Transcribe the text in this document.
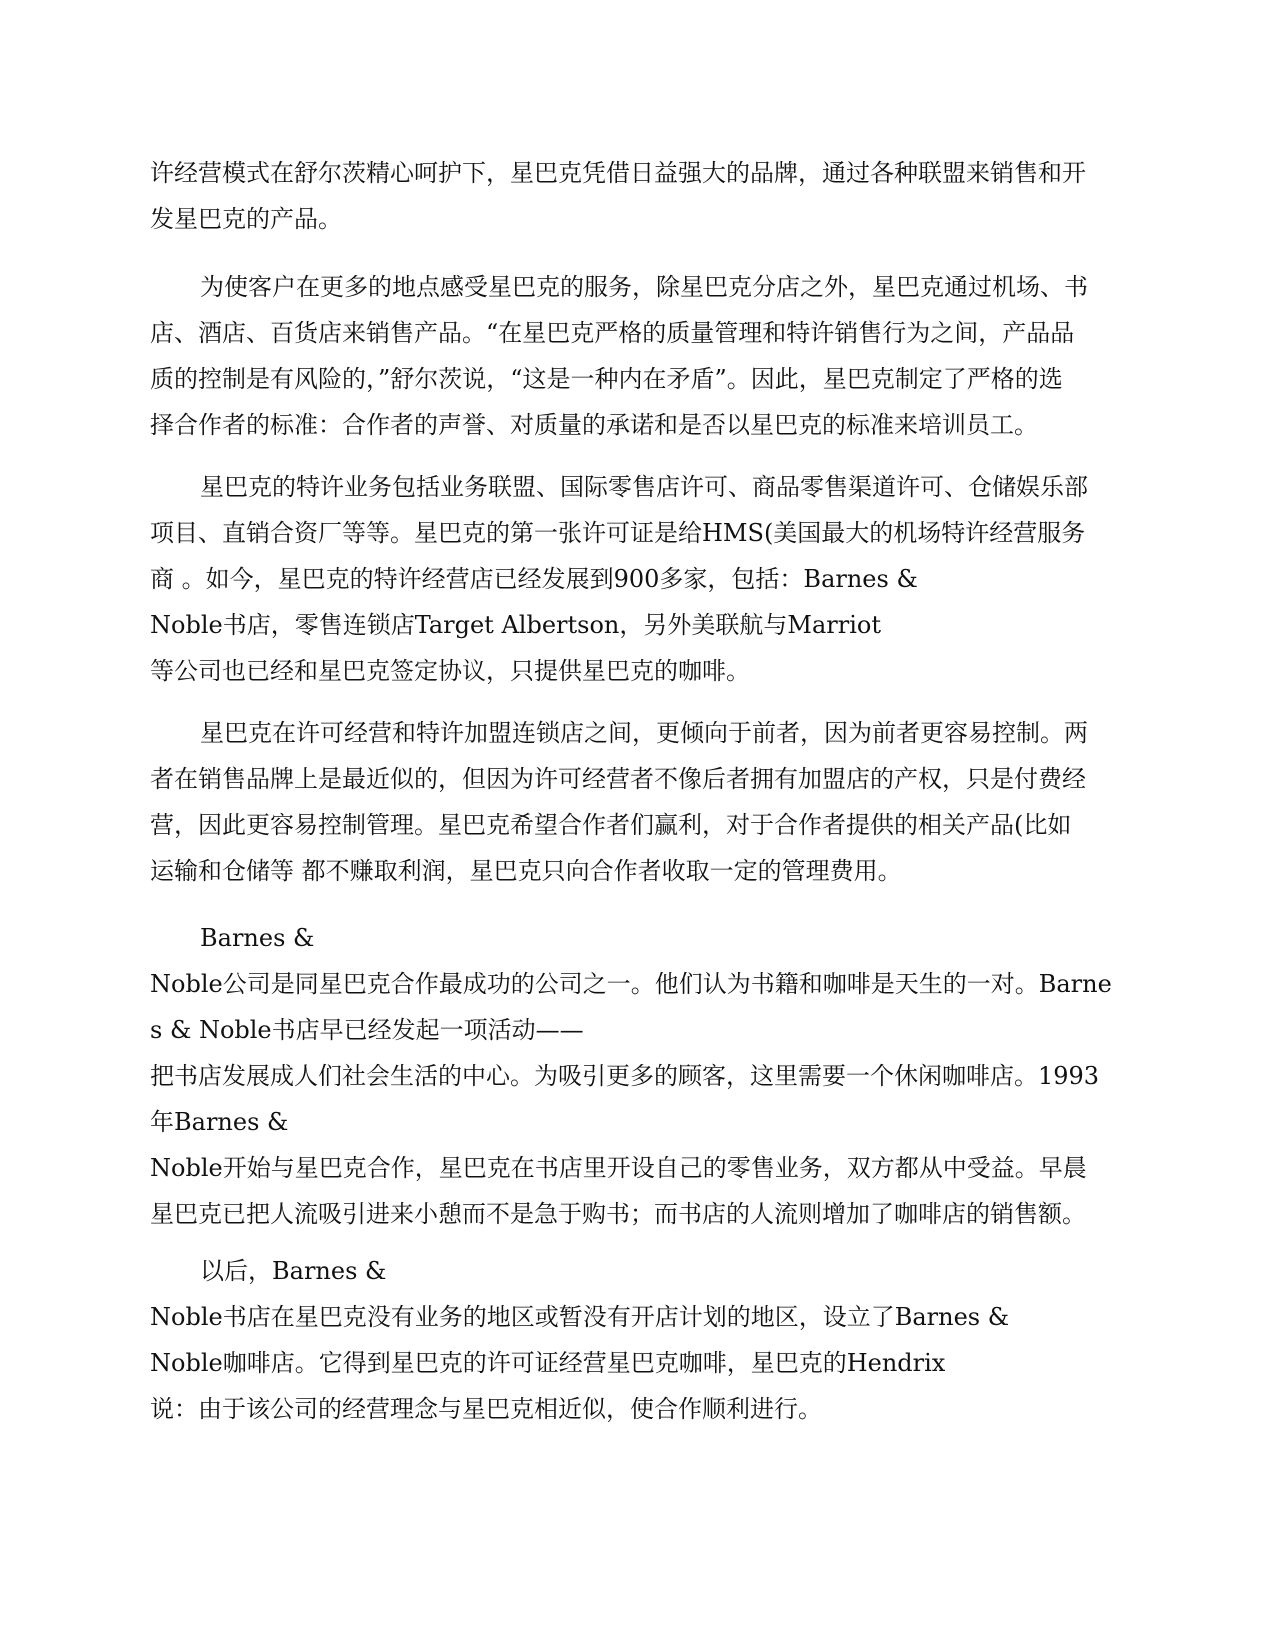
许经营模式在舒尔茨精心呵护下，星巴克凭借日益强大的品牌，通过各种联盟来销售和开
发星巴克的产品。
为使客户在更多的地点感受星巴克的服务，除星巴克分店之外，星巴克通过机场、书
店、酒店、百货店来销售产品。“在星巴克严格的质量管理和特许销售行为之间，产品品
质的控制是有风险的，”舒尔茨说，“这是一种内在矛盾”。因此，星巴克制定了严格的选
择合作者的标准：合作者的声誉、对质量的承诺和是否以星巴克的标准来培训员工。
星巴克的特许业务包括业务联盟、国际零售店许可、商品零售渠道许可、仓储娱乐部
项目、直销合资厂等等。星巴克的第一张许可证是给HMS(美国最大的机场特许经营服务
商 。如今，星巴克的特许经营店已经发展到900多家，包括：Barnes &
Noble书店，零售连锁店Target Albertson，另外美联航与Marriot
等公司也已经和星巴克签定协议，只提供星巴克的咖啡。
星巴克在许可经营和特许加盟连锁店之间，更倾向于前者，因为前者更容易控制。两
者在销售品牌上是最近似的，但因为许可经营者不像后者拥有加盟店的产权，只是付费经
营，因此更容易控制管理。星巴克希望合作者们赢利，对于合作者提供的相关产品(比如
运输和仓储等 都不赚取利润，星巴克只向合作者收取一定的管理费用。
Barnes &
Noble公司是同星巴克合作最成功的公司之一。他们认为书籍和咖啡是天生的一对。Barne
s & Noble书店早已经发起一项活动——
把书店发展成人们社会生活的中心。为吸引更多的顾客，这里需要一个休闲咖啡店。1993
年Barnes &
Noble开始与星巴克合作，星巴克在书店里开设自己的零售业务，双方都从中受益。早晨
星巴克已把人流吸引进来小憩而不是急于购书；而书店的人流则增加了咖啡店的销售额。
以后，Barnes &
Noble书店在星巴克没有业务的地区或暂没有开店计划的地区，设立了Barnes &
Noble咖啡店。它得到星巴克的许可证经营星巴克咖啡，星巴克的Hendrix
说：由于该公司的经营理念与星巴克相近似，使合作顺利进行。
